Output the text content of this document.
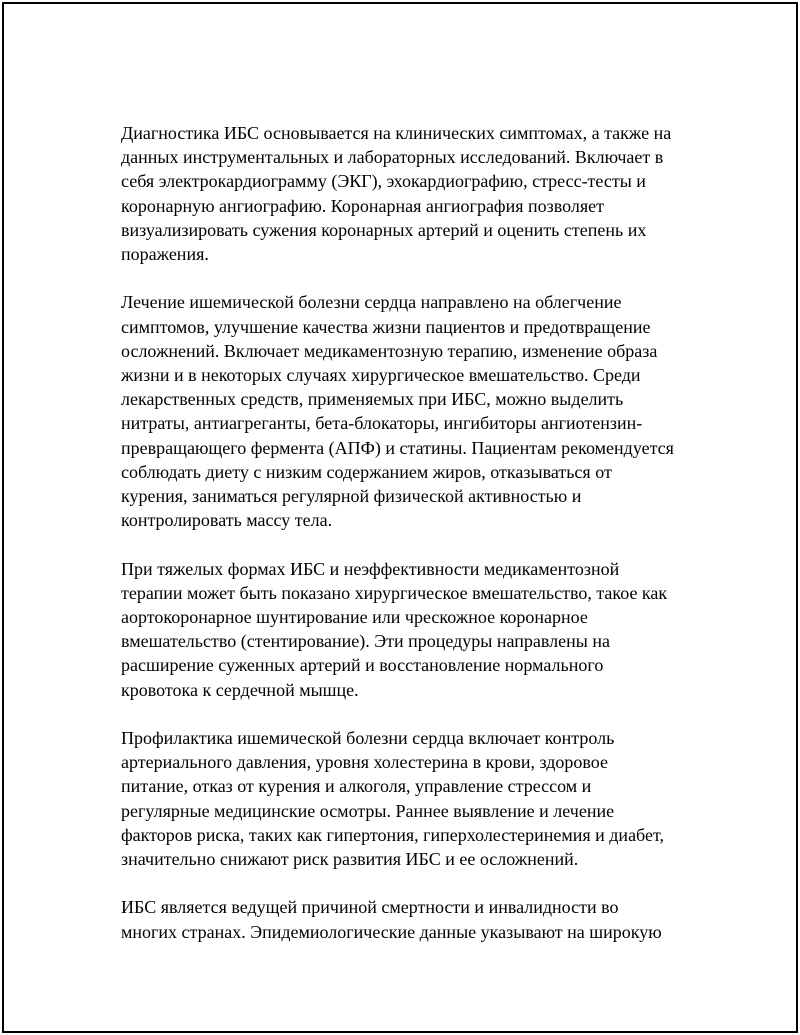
Диагностика ИБС основывается на клинических симптомах, а также на
данных инструментальных и лабораторных исследований. Включает в
себя электрокардиограмму (ЭКГ), эхокардиографию, стресс-тесты и
коронарную ангиографию. Коронарная ангиография позволяет
визуализировать сужения коронарных артерий и оценить степень их
поражения.

Лечение ишемической болезни сердца направлено на облегчение
симптомов, улучшение качества жизни пациентов и предотвращение
осложнений. Включает медикаментозную терапию, изменение образа
жизни и в некоторых случаях хирургическое вмешательство. Среди
лекарственных средств, применяемых при ИБС, можно выделить
нитраты, антиагреганты, бета-блокаторы, ингибиторы ангиотензин-
превращающего фермента (АПФ) и статины. Пациентам рекомендуется
соблюдать диету с низким содержанием жиров, отказываться от
курения, заниматься регулярной физической активностью и
контролировать массу тела.

При тяжелых формах ИБС и неэффективности медикаментозной
терапии может быть показано хирургическое вмешательство, такое как
аортокоронарное шунтирование или чрескожное коронарное
вмешательство (стентирование). Эти процедуры направлены на
расширение суженных артерий и восстановление нормального
кровотока к сердечной мышце.

Профилактика ишемической болезни сердца включает контроль
артериального давления, уровня холестерина в крови, здоровое
питание, отказ от курения и алкоголя, управление стрессом и
регулярные медицинские осмотры. Раннее выявление и лечение
факторов риска, таких как гипертония, гиперхолестеринемия и диабет,
значительно снижают риск развития ИБС и ее осложнений.

ИБС является ведущей причиной смертности и инвалидности во
многих странах. Эпидемиологические данные указывают на широкую
